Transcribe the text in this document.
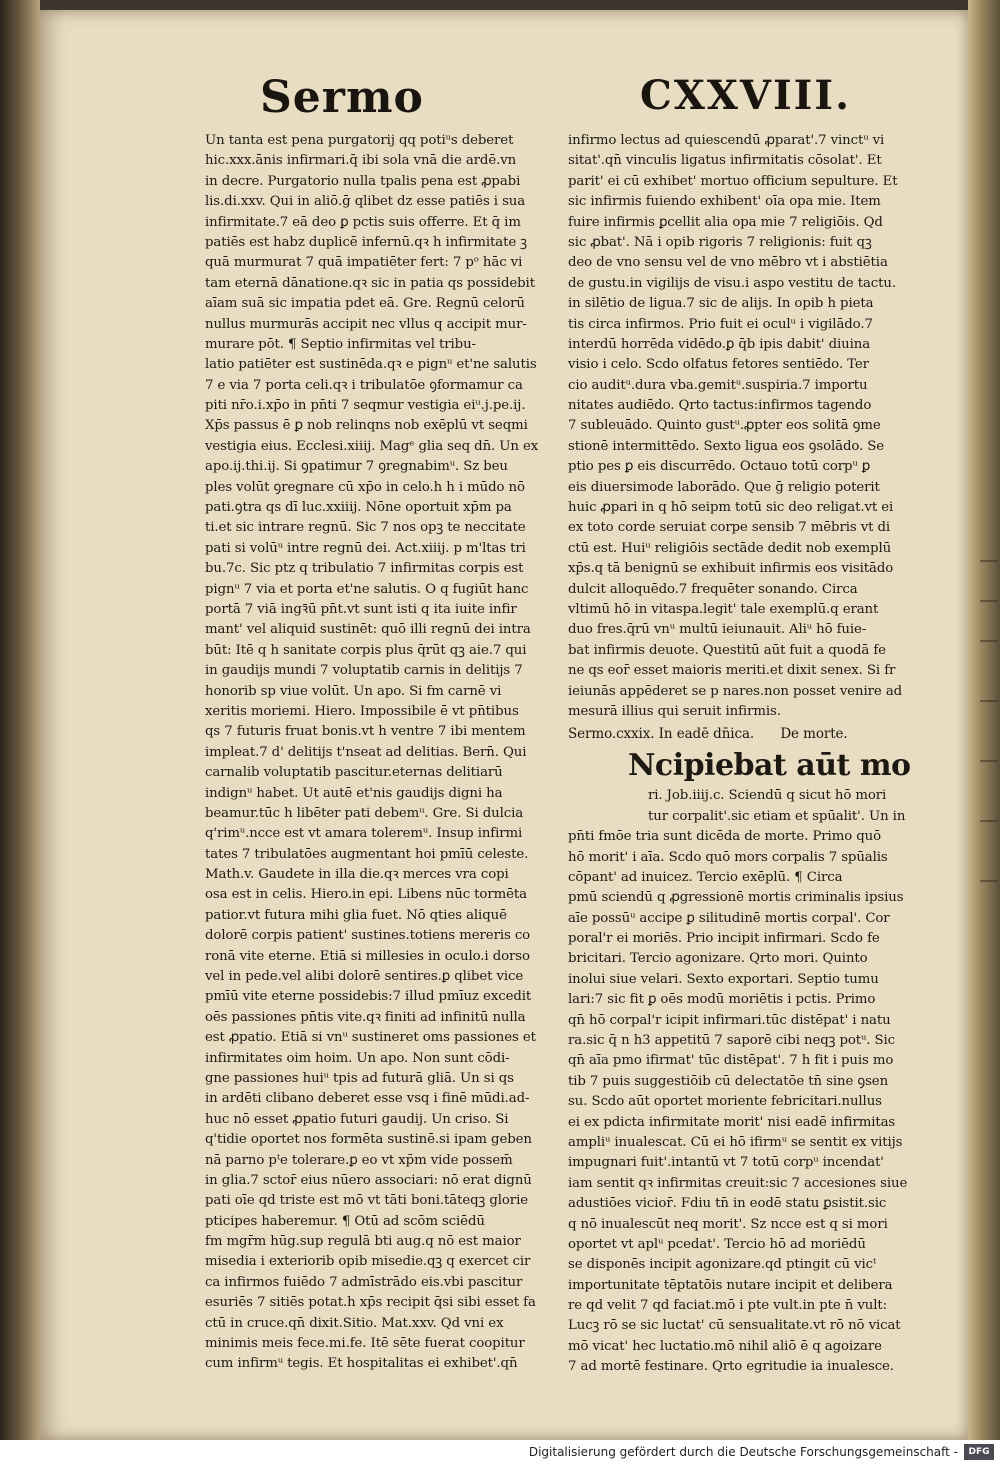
Sermo	CXXVIII.
Un tanta est pena purgatorij qq potiᵘs deberet
hic.xxx.ānis infirmari.q̄ ibi sola vnā die ardē.vn
in decre. Purgatorio nulla tpalis pena est ꝓpabi
lis.di.xxv. Qui in aliō.ḡ qlibet dz esse patiēs i sua
infirmitate.7 eā deo ꝑ pctis suis offerre. Et q̄ im
patiēs est habz duplicē infernū.qꝛ h infirmitate ꝫ
quā murmurat 7 quā impatiēter fert: 7 pᵒ hāc vi
tam eternā dānatione.qꝛ sic in patia qs possidebit
aīam suā sic impatia pdet eā. Gre. Regnū celorū
nullus murmurās accipit nec vllus q accipit mur-
murare pōt. ¶ Septio infirmitas vel tribu-
latio patiēter est sustinēda.qꝛ e pignᵘ et'ne salutis
7 e via 7 porta celi.qꝛ i tribulatōe ꝯformamur ca
piti nr̄o.i.xp̄o in pn̄ti 7 seqmur vestigia eiᵘ.j.pe.ij.
Xp̄s passus ē ꝑ nob relinqns nob exēplū vt seqmi
vestigia eius. Ecclesi.xiiij. Magᵉ glia seq dn̄. Un ex
apo.ij.thi.ij. Si ꝯpatimur 7 ꝯregnabimᵘ. Sz beu
ples volūt ꝯregnare cū xp̄o in celo.h h i mūdo nō
pati.ꝯtra qs dī luc.xxiiij. Nōne oportuit xp̄m pa
ti.et sic intrare regnū. Sic 7 nos opꝫ te neccitate
pati si volūᵘ intre regnū dei. Act.xiiij. p m'ltas tri
bu.7c. Sic ptz q tribulatio 7 infirmitas corpis est
pignᵘ 7 via et porta et'ne salutis. O q fugiūt hanc
portā 7 viā ingꝛ̄ū pn̄t.vt sunt isti q ita iuite infir
mant' vel aliquid sustinēt: quō illi regnū dei intra
būt: Itē q h sanitate corpis plus q̄rūt qꝫ aie.7 qui
in gaudijs mundi 7 voluptatib carnis in delitijs 7
honorib sp viue volūt. Un apo. Si fm carnē vi
xeritis moriemi. Hiero. Impossibile ē vt pn̄tibus
qs 7 futuris fruat bonis.vt h ventre 7 ibi mentem
impleat.7 d' delitijs t'nseat ad delitias. Bern̄. Qui
carnalib voluptatib pascitur.eternas delitiarū
indignᵘ habet. Ut autē et'nis gaudijs digni ha
beamur.tūc h libēter pati debemᵘ. Gre. Si dulcia
q'rimᵘ.ncce est vt amara toleremᵘ. Insup infirmi
tates 7 tribulatōes augmentant hoi pmīū celeste.
Math.v. Gaudete in illa die.qꝛ merces vra copi
osa est in celis. Hiero.in epi. Libens nūc tormēta
patior.vt futura mihi glia fuet. Nō qties aliquē
dolorē corpis patient' sustines.totiens mereris co
ronā vite eterne. Etiā si millesies in oculo.i dorso
vel in pede.vel alibi dolorē sentires.ꝑ qlibet vice
pmīū vite eterne possidebis:7 illud pmīuz excedit
oēs passiones pn̄tis vite.qꝛ finiti ad infinitū nulla
est ꝓpatio. Etiā si vnᵘ sustineret oms passiones et
infirmitates oim hoim. Un apo. Non sunt cōdi-
gne passiones huiᵘ tpis ad futurā gliā. Un si qs
in ardēti clibano deberet esse vsq i finē mūdi.ad-
huc nō esset ꝓpatio futuri gaudij. Un criso. Si
q'tidie oportet nos formēta sustinē.si ipam geben
nā parno pᵗe tolerare.ꝑ eo vt xp̄m vide possem̄
in glia.7 sctor̄ eius nūero associari: nō erat dignū
pati oīe qd triste est mō vt tāti boni.tāteqꝫ glorie
pticipes haberemur. ¶ Otū ad scōm sciēdū
fm mgr̄m hūg.sup regulā bti aug.q nō est maior
misedia i exteriorib opib misedie.qꝫ q exercet cir
ca infirmos fuiēdo 7 admīstrādo eis.vbi pascitur
esuriēs 7 sitiēs potat.h xp̄s recipit q̄si sibi esset fa
ctū in cruce.qn̄ dixit.Sitio. Mat.xxv. Qd vni ex
minimis meis fece.mi.fe. Itē sēte fuerat coopitur
cum infirmᵘ tegis. Et hospitalitas ei exhibet'.qn̄
infirmo lectus ad quiescendū ꝓparat'.7 vinctᵘ vi
sitat'.qn̄ vinculis ligatus infirmitatis cōsolat'. Et
parit' ei cū exhibet' mortuo officium sepulture. Et
sic infirmis fuiendo exhibent' oīa opa mie. Item
fuire infirmis ꝑcellit alia opa mie 7 religiōis. Qd
sic ꝓbat'. Nā i opib rigoris 7 religionis: fuit qꝫ
deo de vno sensu vel de vno mēbro vt i abstiētia
de gustu.in vigilijs de visu.i aspo vestitu de tactu.
in silētio de ligua.7 sic de alijs. In opib h pieta
tis circa infirmos. Prio fuit ei oculᵘ i vigilādo.7
interdū horrēda vidēdo.ꝑ q̄b ipis dabit' diuina
visio i celo. Scdo olfatus fetores sentiēdo. Ter
cio auditᵘ.dura vba.gemitᵘ.suspiria.7 importu
nitates audiēdo. Qrto tactus:infirmos tagendo
7 subleuādo. Quinto gustᵘ.ꝓpter eos solitā ꝯme
stionē intermittēdo. Sexto ligua eos ꝯsolādo. Se
ptio pes ꝑ eis discurrēdo. Octauo totū corpᵘ ꝑ
eis diuersimode laborādo. Que ḡ religio poterit
huic ꝓpari in q hō seipm totū sic deo religat.vt ei
ex toto corde seruiat corpe sensib 7 mēbris vt di
ctū est. Huiᵘ religiōis sectāde dedit nob exemplū
xp̄s.q tā benignū se exhibuit infirmis eos visitādo
dulcit alloquēdo.7 frequēter sonando. Circa
vltimū hō in vitaspa.legit' tale exemplū.q erant
duo fres.q̄rū vnᵘ multū ieiunauit. Aliᵘ hō fuie-
bat infirmis deuote. Questitū aūt fuit a quodā fe
ne qs eor̄ esset maioris meriti.et dixit senex. Si fr
ieiunās appēderet se p nares.non posset venire ad
mesurā illius qui seruit infirmis.
Sermo.cxxix. In eadē dn̄ica. De morte.
Ncipiebat aūt mo
ri. Job.iiij.c. Sciendū q sicut hō mori
tur corpalit'.sic etiam et spūalit'. Un in
pn̄ti fmōe tria sunt dicēda de morte. Primo quō
hō morit' i aīa. Scdo quō mors corpalis 7 spūalis
cōpant' ad inuicez. Tercio exēplū. ¶ Circa
pmū sciendū q ꝓgressionē mortis criminalis ipsius
aīe possūᵘ accipe ꝑ silitudinē mortis corpal'. Cor
poral'r ei moriēs. Prio incipit infirmari. Scdo fe
bricitari. Tercio agonizare. Qrto mori. Quinto
inolui siue velari. Sexto exportari. Septio tumu
lari:7 sic fit ꝑ oēs modū moriētis i pctis. Primo
qn̄ hō corpal'r icipit infirmari.tūc distēpat' i natu
ra.sic q̄ n h3 appetitū 7 saporē cibi neqꝫ potᵘ. Sic
qn̄ aīa pmo ifirmat' tūc distēpat'. 7 h fit i puis mo
tib 7 puis suggestiōib cū delectatōe tn̄ sine ꝯsen
su. Scdo aūt oportet moriente febricitari.nullus
ei ex pdicta infirmitate morit' nisi eadē infirmitas
ampliᵘ inualescat. Cū ei hō ifirmᵘ se sentit ex vitijs
impugnari fuit'.intantū vt 7 totū corpᵘ incendat'
iam sentit qꝛ infirmitas creuit:sic 7 accesiones siue
adustiōes vicior̄. Fdiu tn̄ in eodē statu ꝑsistit.sic
q nō inualescūt neq morit'. Sz ncce est q si mori
oportet vt aplᵘ pcedat'. Tercio hō ad moriēdū
se disponēs incipit agonizare.qd ptingit cū vicᵗ
importunitate tēptatōis nutare incipit et delibera
re qd velit 7 qd faciat.mō i pte vult.in pte n̄ vult:
Lucꝫ rō se sic luctat' cū sensualitate.vt rō nō vicat
mō vicat' hec luctatio.mō nihil aliō ē q agoizare
7 ad mortē festinare. Qrto egritudie ia inualesce.
Digitalisierung gefördert durch die Deutsche Forschungsgemeinschaft -	DFG
